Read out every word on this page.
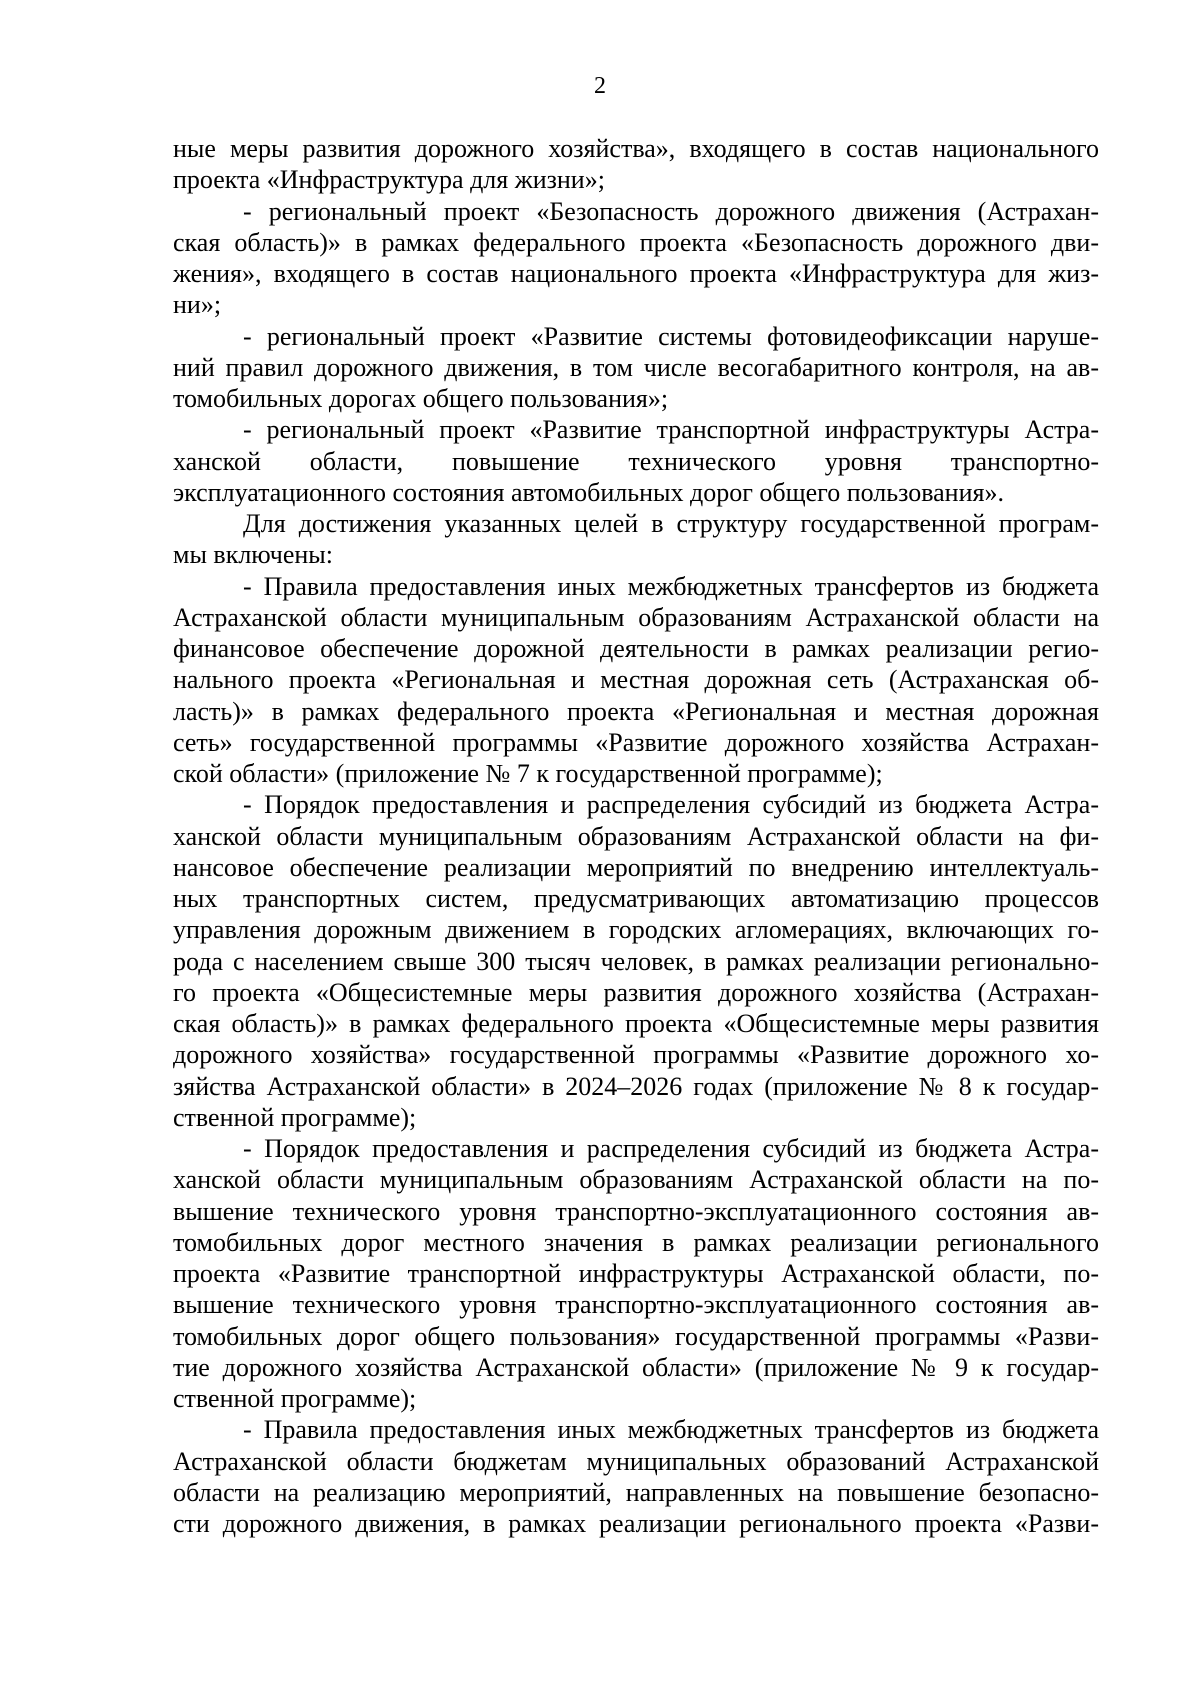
2
ные меры развития дорожного хозяйства», входящего в состав национального
проекта «Инфраструктура для жизни»;
- региональный проект «Безопасность дорожного движения (Астрахан-
ская область)» в рамках федерального проекта «Безопасность дорожного дви-
жения», входящего в состав национального проекта «Инфраструктура для жиз-
ни»;
- региональный проект «Развитие системы фотовидеофиксации наруше-
ний правил дорожного движения, в том числе весогабаритного контроля, на ав-
томобильных дорогах общего пользования»;
- региональный проект «Развитие транспортной инфраструктуры Астра-
ханской области, повышение технического уровня транспортно-
эксплуатационного состояния автомобильных дорог общего пользования».
Для достижения указанных целей в структуру государственной програм-
мы включены:
- Правила предоставления иных межбюджетных трансфертов из бюджета
Астраханской области муниципальным образованиям Астраханской области на
финансовое обеспечение дорожной деятельности в рамках реализации регио-
нального проекта «Региональная и местная дорожная сеть (Астраханская об-
ласть)» в рамках федерального проекта «Региональная и местная дорожная
сеть» государственной программы «Развитие дорожного хозяйства Астрахан-
ской области» (приложение № 7 к государственной программе);
- Порядок предоставления и распределения субсидий из бюджета Астра-
ханской области муниципальным образованиям Астраханской области на фи-
нансовое обеспечение реализации мероприятий по внедрению интеллектуаль-
ных транспортных систем, предусматривающих автоматизацию процессов
управления дорожным движением в городских агломерациях, включающих го-
рода с населением свыше 300 тысяч человек, в рамках реализации регионально-
го проекта «Общесистемные меры развития дорожного хозяйства (Астрахан-
ская область)» в рамках федерального проекта «Общесистемные меры развития
дорожного хозяйства» государственной программы «Развитие дорожного хо-
зяйства Астраханской области» в 2024–2026 годах (приложение № 8 к государ-
ственной программе);
- Порядок предоставления и распределения субсидий из бюджета Астра-
ханской области муниципальным образованиям Астраханской области на по-
вышение технического уровня транспортно-эксплуатационного состояния ав-
томобильных дорог местного значения в рамках реализации регионального
проекта «Развитие транспортной инфраструктуры Астраханской области, по-
вышение технического уровня транспортно-эксплуатационного состояния ав-
томобильных дорог общего пользования» государственной программы «Разви-
тие дорожного хозяйства Астраханской области» (приложение № 9 к государ-
ственной программе);
- Правила предоставления иных межбюджетных трансфертов из бюджета
Астраханской области бюджетам муниципальных образований Астраханской
области на реализацию мероприятий, направленных на повышение безопасно-
сти дорожного движения, в рамках реализации регионального проекта «Разви-
